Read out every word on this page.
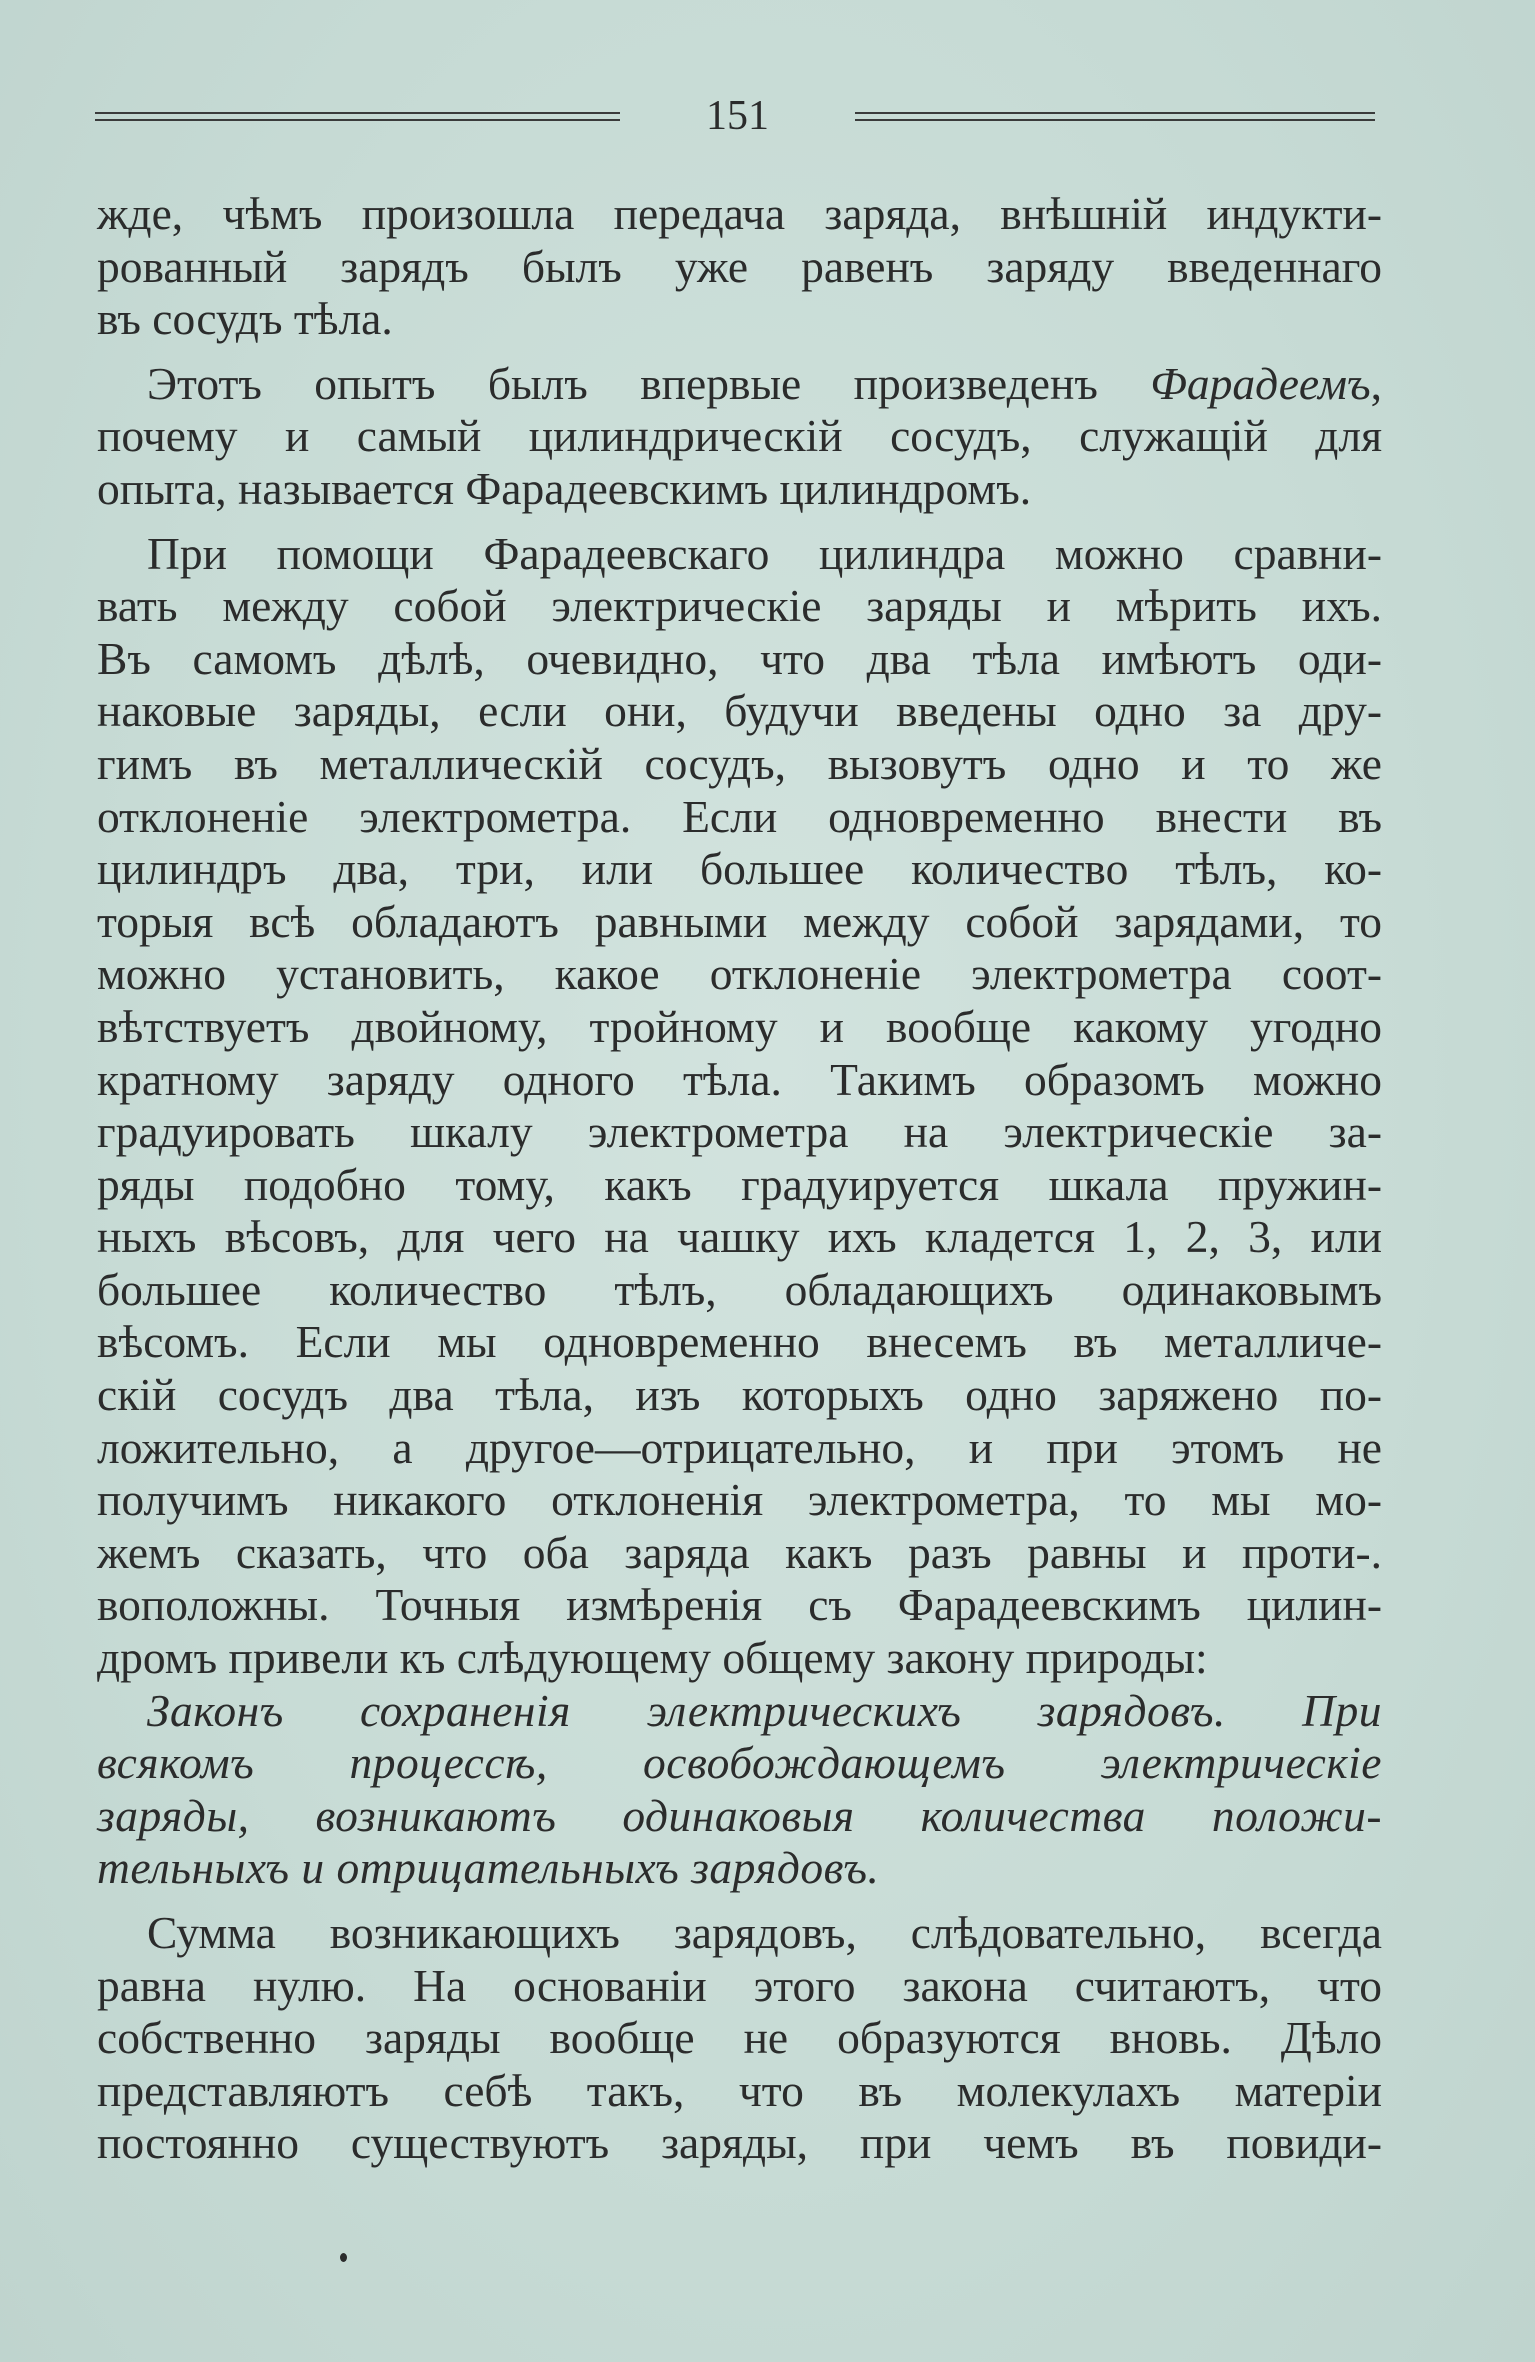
151

жде, чѣмъ произошла передача заряда, внѣшній индукти-
рованный зарядъ былъ уже равенъ заряду введеннаго
въ сосудъ тѣла.

Этотъ опытъ былъ впервые произведенъ Фарадеемъ,
почему и самый цилиндрическій сосудъ, служащій для
опыта, называется Фарадеевскимъ цилиндромъ.

При помощи Фарадеевскаго цилиндра можно сравни-
вать между собой электрическіе заряды и мѣрить ихъ.
Въ самомъ дѣлѣ, очевидно, что два тѣла имѣютъ оди-
наковые заряды, если они, будучи введены одно за дру-
гимъ въ металлическій сосудъ, вызовутъ одно и то же
отклоненіе электрометра. Если одновременно внести въ
цилиндръ два, три, или большее количество тѣлъ, ко-
торыя всѣ обладаютъ равными между собой зарядами, то
можно установить, какое отклоненіе электрометра соот-
вѣтствуетъ двойному, тройному и вообще какому угодно
кратному заряду одного тѣла. Такимъ образомъ можно
градуировать шкалу электрометра на электрическіе за-
ряды подобно тому, какъ градуируется шкала пружин-
ныхъ вѣсовъ, для чего на чашку ихъ кладется 1, 2, 3, или
большее количество тѣлъ, обладающихъ одинаковымъ
вѣсомъ. Если мы одновременно внесемъ въ металличе-
скій сосудъ два тѣла, изъ которыхъ одно заряжено по-
ложительно, а другое—отрицательно, и при этомъ не
получимъ никакого отклоненія электрометра, то мы мо-
жемъ сказать, что оба заряда какъ разъ равны и проти-.
воположны. Точныя измѣренія съ Фарадеевскимъ цилин-
дромъ привели къ слѣдующему общему закону природы:

Законъ сохраненія электрическихъ зарядовъ. При
всякомъ процессѣ, освобождающемъ электрическіе
заряды, возникаютъ одинаковыя количества положи-
тельныхъ и отрицательныхъ зарядовъ.

Сумма возникающихъ зарядовъ, слѣдовательно, всегда
равна нулю. На основаніи этого закона считаютъ, что
собственно заряды вообще не образуются вновь. Дѣло
представляютъ себѣ такъ, что въ молекулахъ матеріи
постоянно существуютъ заряды, при чемъ въ повиди-
